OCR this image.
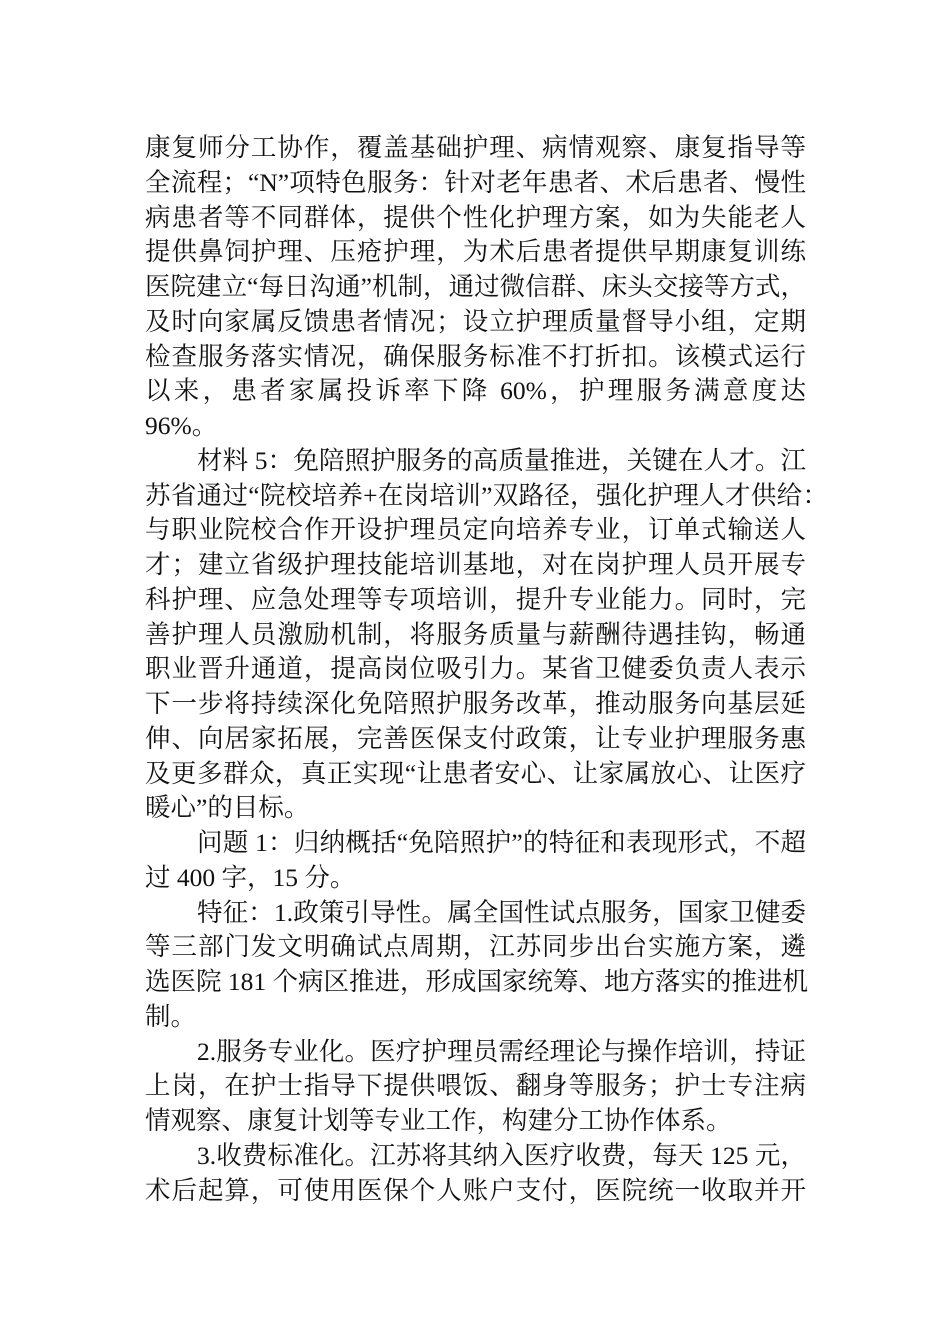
康复师分工协作，覆盖基础护理、病情观察、康复指导等
全流程；“N”项特色服务：针对老年患者、术后患者、慢性
病患者等不同群体，提供个性化护理方案，如为失能老人
提供鼻饲护理、压疮护理，为术后患者提供早期康复训练
医院建立“每日沟通”机制，通过微信群、床头交接等方式，
及时向家属反馈患者情况；设立护理质量督导小组，定期
检查服务落实情况，确保服务标准不打折扣。该模式运行
以来，患者家属投诉率下降 60%，护理服务满意度达
96%。
材料 5：免陪照护服务的高质量推进，关键在人才。江
苏省通过“院校培养+在岗培训”双路径，强化护理人才供给：
与职业院校合作开设护理员定向培养专业，订单式输送人
才；建立省级护理技能培训基地，对在岗护理人员开展专
科护理、应急处理等专项培训，提升专业能力。同时，完
善护理人员激励机制，将服务质量与薪酬待遇挂钩，畅通
职业晋升通道，提高岗位吸引力。某省卫健委负责人表示
下一步将持续深化免陪照护服务改革，推动服务向基层延
伸、向居家拓展，完善医保支付政策，让专业护理服务惠
及更多群众，真正实现“让患者安心、让家属放心、让医疗
暖心”的目标。
问题 1：归纳概括“免陪照护”的特征和表现形式，不超
过 400 字，15 分。
特征：1.政策引导性。属全国性试点服务，国家卫健委
等三部门发文明确试点周期，江苏同步出台实施方案，遴
选医院 181 个病区推进，形成国家统筹、地方落实的推进机
制。
2.服务专业化。医疗护理员需经理论与操作培训，持证
上岗，在护士指导下提供喂饭、翻身等服务；护士专注病
情观察、康复计划等专业工作，构建分工协作体系。
3.收费标准化。江苏将其纳入医疗收费，每天 125 元，
术后起算，可使用医保个人账户支付，医院统一收取并开
